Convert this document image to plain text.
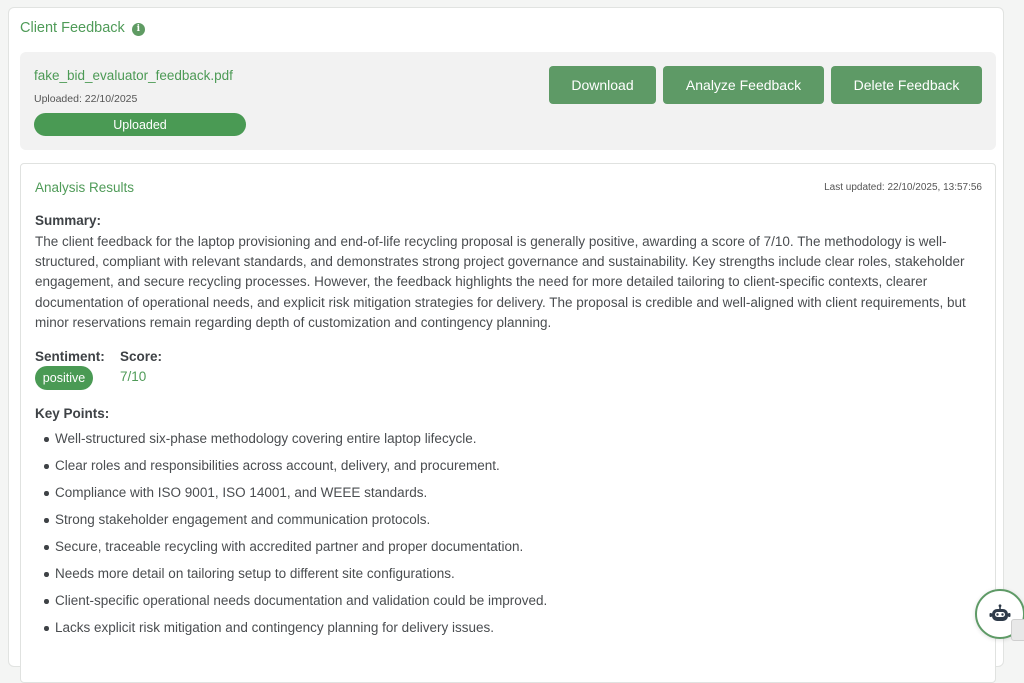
Client Feedback	i
fake_bid_evaluator_feedback.pdf
Uploaded: 22/10/2025
Uploaded
Download	Analyze Feedback	Delete Feedback
Analysis Results	Last updated: 22/10/2025, 13:57:56
Summary:
The client feedback for the laptop provisioning and end-of-life recycling proposal is generally positive, awarding a score of 7/10. The methodology is well-structured, compliant with relevant standards, and demonstrates strong project governance and sustainability. Key strengths include clear roles, stakeholder engagement, and secure recycling processes. However, the feedback highlights the need for more detailed tailoring to client-specific contexts, clearer documentation of operational needs, and explicit risk mitigation strategies for delivery. The proposal is credible and well-aligned with client requirements, but minor reservations remain regarding depth of customization and contingency planning.
Sentiment:
positive
Score:
7/10
Key Points:
Well-structured six-phase methodology covering entire laptop lifecycle.
Clear roles and responsibilities across account, delivery, and procurement.
Compliance with ISO 9001, ISO 14001, and WEEE standards.
Strong stakeholder engagement and communication protocols.
Secure, traceable recycling with accredited partner and proper documentation.
Needs more detail on tailoring setup to different site configurations.
Client-specific operational needs documentation and validation could be improved.
Lacks explicit risk mitigation and contingency planning for delivery issues.
